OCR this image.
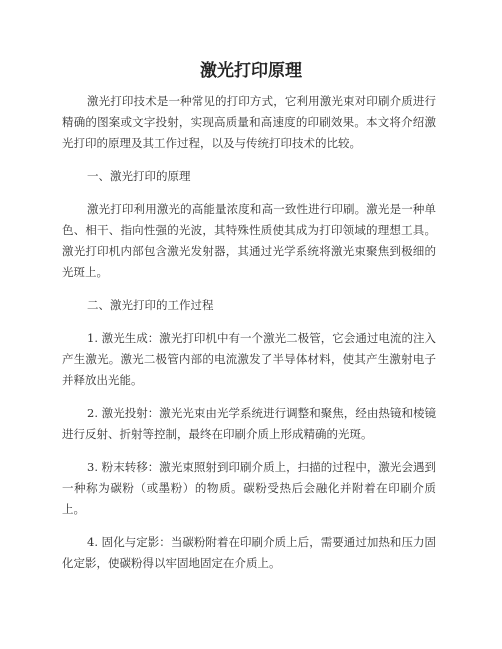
激光打印原理

激光打印技术是一种常见的打印方式，它利用激光束对印刷介质进行精确的图案或文字投射，实现高质量和高速度的印刷效果。本文将介绍激光打印的原理及其工作过程，以及与传统打印技术的比较。

一、激光打印的原理

激光打印利用激光的高能量浓度和高一致性进行印刷。激光是一种单色、相干、指向性强的光波，其特殊性质使其成为打印领域的理想工具。激光打印机内部包含激光发射器，其通过光学系统将激光束聚焦到极细的光斑上。

二、激光打印的工作过程

1. 激光生成：激光打印机中有一个激光二极管，它会通过电流的注入产生激光。激光二极管内部的电流激发了半导体材料，使其产生激射电子并释放出光能。

2. 激光投射：激光光束由光学系统进行调整和聚焦，经由热镜和棱镜进行反射、折射等控制，最终在印刷介质上形成精确的光斑。

3. 粉末转移：激光束照射到印刷介质上，扫描的过程中，激光会遇到一种称为碳粉（或墨粉）的物质。碳粉受热后会融化并附着在印刷介质上。

4. 固化与定影：当碳粉附着在印刷介质上后，需要通过加热和压力固化定影，使碳粉得以牢固地固定在介质上。
